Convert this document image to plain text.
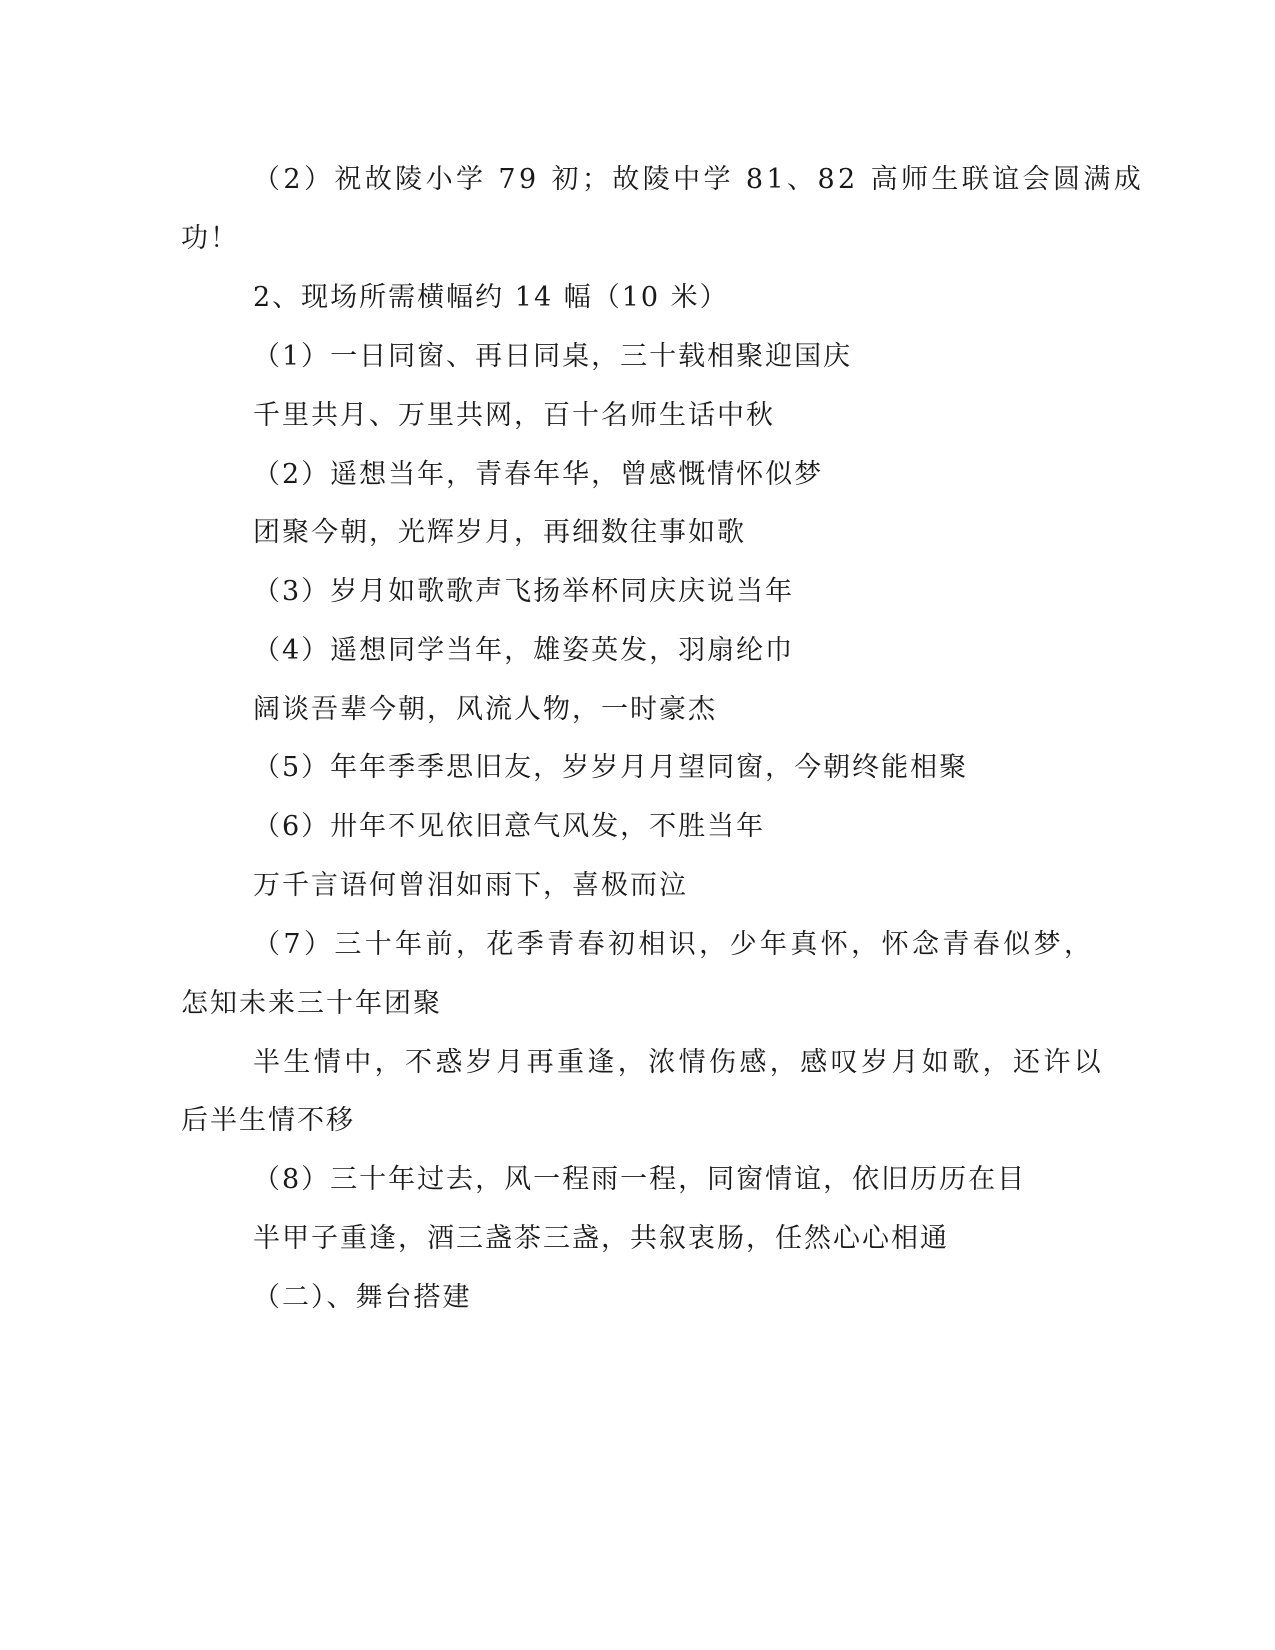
（2）祝故陵小学 79 初；故陵中学 81、82 高师生联谊会圆满成
功！
2、现场所需横幅约 14 幅（10 米）
（1）一日同窗、再日同桌，三十载相聚迎国庆
千里共月、万里共网，百十名师生话中秋
（2）遥想当年，青春年华，曾感慨情怀似梦
团聚今朝，光辉岁月，再细数往事如歌
（3）岁月如歌歌声飞扬举杯同庆庆说当年
（4）遥想同学当年，雄姿英发，羽扇纶巾
阔谈吾辈今朝，风流人物，一时豪杰
（5）年年季季思旧友，岁岁月月望同窗，今朝终能相聚
（6）卅年不见依旧意气风发，不胜当年
万千言语何曾泪如雨下，喜极而泣
（7）三十年前，花季青春初相识，少年真怀，怀念青春似梦，
怎知未来三十年团聚
半生情中，不惑岁月再重逢，浓情伤感，感叹岁月如歌，还许以
后半生情不移
（8）三十年过去，风一程雨一程，同窗情谊，依旧历历在目
半甲子重逢，酒三盏茶三盏，共叙衷肠，任然心心相通
（二）、舞台搭建
